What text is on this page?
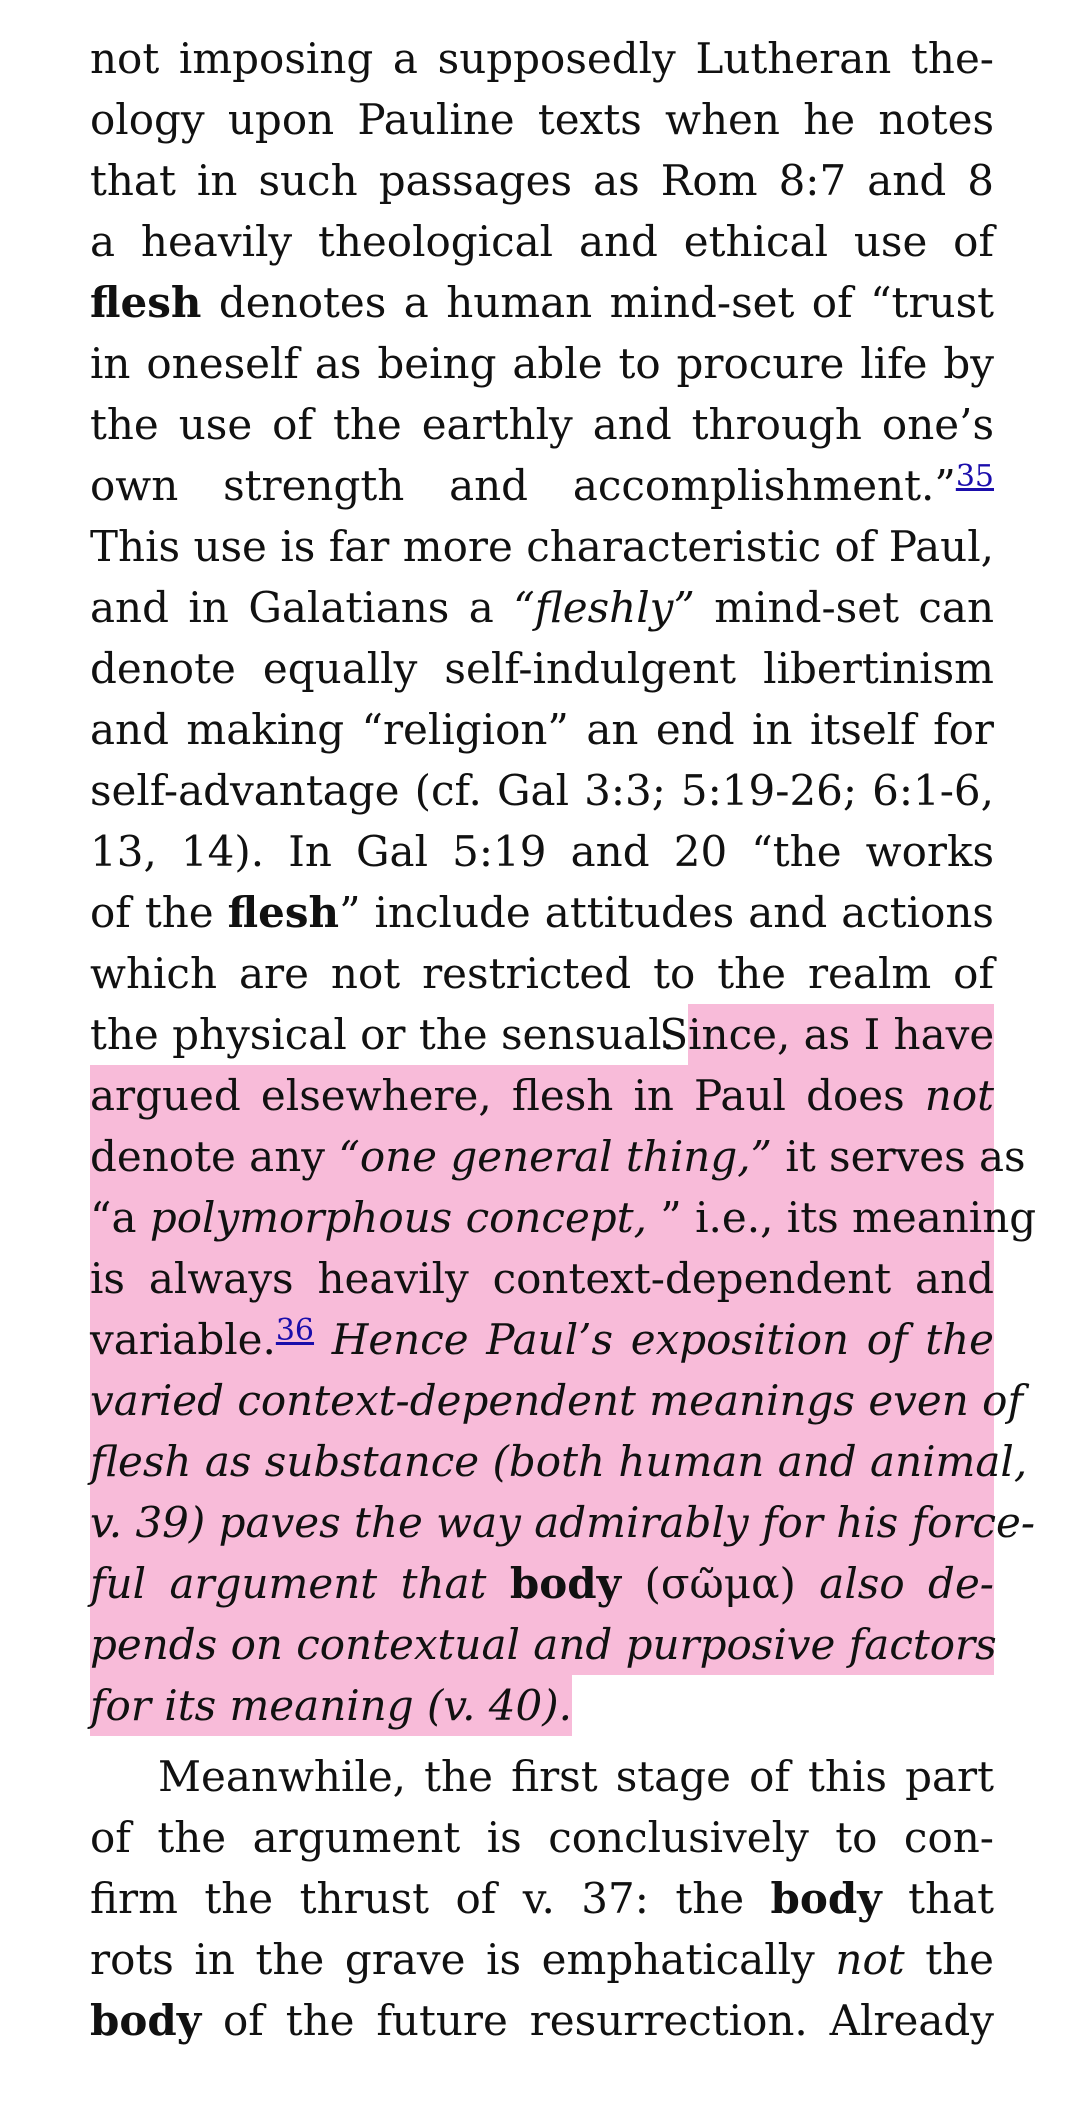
not imposing a supposedly Lutheran the-
ology upon Pauline texts when he notes
that in such passages as Rom 8:7 and 8
a heavily theological and ethical use of
flesh denotes a human mind-set of “trust
in oneself as being able to procure life by
the use of the earthly and through one’s
own strength and accomplishment.”$^{35}$
This use is far more characteristic of Paul,
and in Galatians a “fleshly” mind-set can
denote equally self-indulgent libertinism
and making “religion” an end in itself for
self-advantage (cf. Gal 3:3; 5:19-26; 6:1-6,
13, 14). In Gal 5:19 and 20 “the works
of the flesh” include attitudes and actions
which are not restricted to the realm of
the physical or the sensual.
Since, as I have
argued elsewhere, flesh in Paul does not
denote any “one general thing,” it serves as
“a polymorphous concept, ” i.e., its meaning
is always heavily context-dependent and
variable.$^{36}$ Hence Paul’s exposition of the
varied context-dependent meanings even of
flesh as substance (both human and animal,
v. 39) paves the way admirably for his force-
ful argument that body (σῶμα) also de-
pends on contextual and purposive factors
for its meaning (v. 40).
Meanwhile, the first stage of this part
of the argument is conclusively to con-
firm the thrust of v. 37: the body that
rots in the grave is emphatically not the
body of the future resurrection. Already
